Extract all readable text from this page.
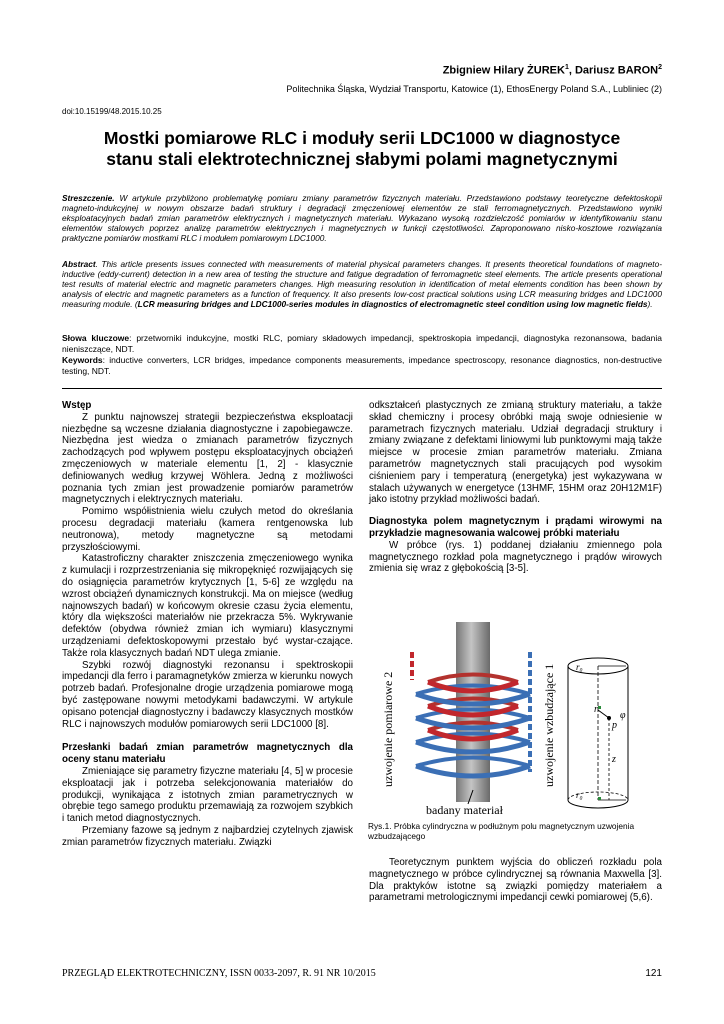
Zbigniew Hilary ŻUREK$^1$, Dariusz BARON$^2$
Politechnika Śląska, Wydział Transportu, Katowice (1), EthosEnergy Poland S.A., Lubliniec (2)
doi:10.15199/48.2015.10.25
Mostki pomiarowe RLC i moduły serii LDC1000 w diagnostyce
stanu stali elektrotechnicznej słabymi polami magnetycznymi
Streszczenie. W artykule przybliżono problematykę pomiaru zmiany parametrów fizycznych materiału. Przedstawiono podstawy teoretyczne defektoskopii magneto-indukcyjnej w nowym obszarze badań struktury i degradacji zmęczeniowej elementów ze stali ferromagnetycznych. Przedstawiono wyniki eksploatacyjnych badań zmian parametrów elektrycznych i magnetycznych materiału. Wykazano wysoką rozdzielczość pomiarów w identyfikowaniu stanu elementów stalowych poprzez analizę parametrów elektrycznych i magnetycznych w funkcji częstotliwości. Zaproponowano nisko-kosztowe rozwiązania praktyczne pomiarów mostkami RLC i modułem pomiarowym LDC1000.
Abstract. This article presents issues connected with measurements of material physical parameters changes. It presents theoretical foundations of magneto-inductive (eddy-current) detection in a new area of testing the structure and fatigue degradation of ferromagnetic steel elements. The article presents operational test results of material electric and magnetic parameters changes. High measuring resolution in identification of metal elements condition has been shown by analysis of electric and magnetic parameters as a function of frequency. It also presents low-cost practical solutions using LCR measuring bridges and LDC1000 measuring module. (LCR measuring bridges and LDC1000-series modules in diagnostics of electromagnetic steel condition using low magnetic fields).
Słowa kluczowe: przetworniki indukcyjne, mostki RLC, pomiary składowych impedancji, spektroskopia impedancji, diagnostyka rezonansowa, badania nieniszczące, NDT.
Keywords: inductive converters, LCR bridges, impedance components measurements, impedance spectroscopy, resonance diagnostics, non-destructive testing, NDT.

Wstęp

Z punktu najnowszej strategii bezpieczeństwa eksploatacji niezbędne są wczesne działania diagnostyczne i zapobiegawcze. Niezbędna jest wiedza o zmianach parametrów fizycznych zachodzących pod wpływem postępu eksploatacyjnych obciążeń zmęczeniowych w materiale elementu [1, 2] - klasycznie definiowanych według krzywej Wöhlera. Jedną z możliwości poznania tych zmian jest prowadzenie pomiarów parametrów magnetycznych i elektrycznych materiału.

Pomimo współistnienia wielu czułych metod do określania procesu degradacji materiału (kamera rentgenowska lub neutronowa), metody magnetyczne są metodami przyszłościowymi.

Katastroficzny charakter zniszczenia zmęczeniowego wynika z kumulacji i rozprzestrzeniania się mikropęknięć rozwijających się do osiągnięcia parametrów krytycznych [1, 5-6] ze względu na wzrost obciążeń dynamicznych konstrukcji. Ma on miejsce (według najnowszych badań) w końcowym okresie czasu życia elementu, który dla większości materiałów nie przekracza 5%. Wykrywanie defektów (obydwa również zmian ich wymiaru) klasycznymi urządzeniami defektoskopowymi przestało być wystar-czające. Także rola klasycznych badań NDT ulega zmianie.

Szybki rozwój diagnostyki rezonansu i spektroskopii impedancji dla ferro i paramagnetyków zmierza w kierunku nowych potrzeb badań. Profesjonalne drogie urządzenia pomiarowe mogą być zastępowane nowymi metodykami badawczymi. W artykule opisano potencjał diagnostyczny i badawczy klasycznych mostków RLC i najnowszych modułów pomiarowych serii LDC1000 [8].

Przesłanki badań zmian parametrów magnetycznych dla oceny stanu materiału

Zmieniające się parametry fizyczne materiału [4, 5] w procesie eksploatacji jak i potrzeba selekcjonowania materiałów do produkcji, wynikająca z istotnych zmian parametrycznych w obrębie tego samego produktu przemawiają za rozwojem szybkich i tanich metod diagnostycznych.

Przemiany fazowe są jednym z najbardziej czytelnych zjawisk zmian parametrów fizycznych materiału. Związki

odkształceń plastycznych ze zmianą struktury materiału, a także skład chemiczny i procesy obróbki mają swoje odniesienie w parametrach fizycznych materiału. Udział degradacji struktury i zmiany związane z defektami liniowymi lub punktowymi mają także miejsce w procesie zmian parametrów materiału. Zmiana parametrów magnetycznych stali pracujących pod wysokim ciśnieniem pary i temperaturą (energetyka) jest wykazywana w stalach używanych w energetyce (13HMF, 15HM oraz 20H12M1F) jako istotny przykład możliwości badań.

Diagnostyka polem magnetycznym i prądami wirowymi na przykładzie magnesowania walcowej próbki materiału

W próbce (rys. 1) poddanej działaniu zmiennego pola magnetycznego rozkład pola magnetycznego i prądów wirowych zmienia się wraz z głębokością [3-5].

uzwojenie pomiarowe 2	uzwojenie wzbudzające 1
badany materiał
r₀
r₀
r
p
φ
z
Rys.1. Próbka cylindryczna w podłużnym polu magnetycznym uzwojenia wzbudzającego

Teoretycznym punktem wyjścia do obliczeń rozkładu pola magnetycznego w próbce cylindrycznej są równania Maxwella [3]. Dla praktyków istotne są związki pomiędzy materiałem a parametrami metrologicznymi impedancji cewki pomiarowej (5,6).

PRZEGLĄD ELEKTROTECHNICZNY, ISSN 0033-2097, R. 91 NR 10/2015	121
